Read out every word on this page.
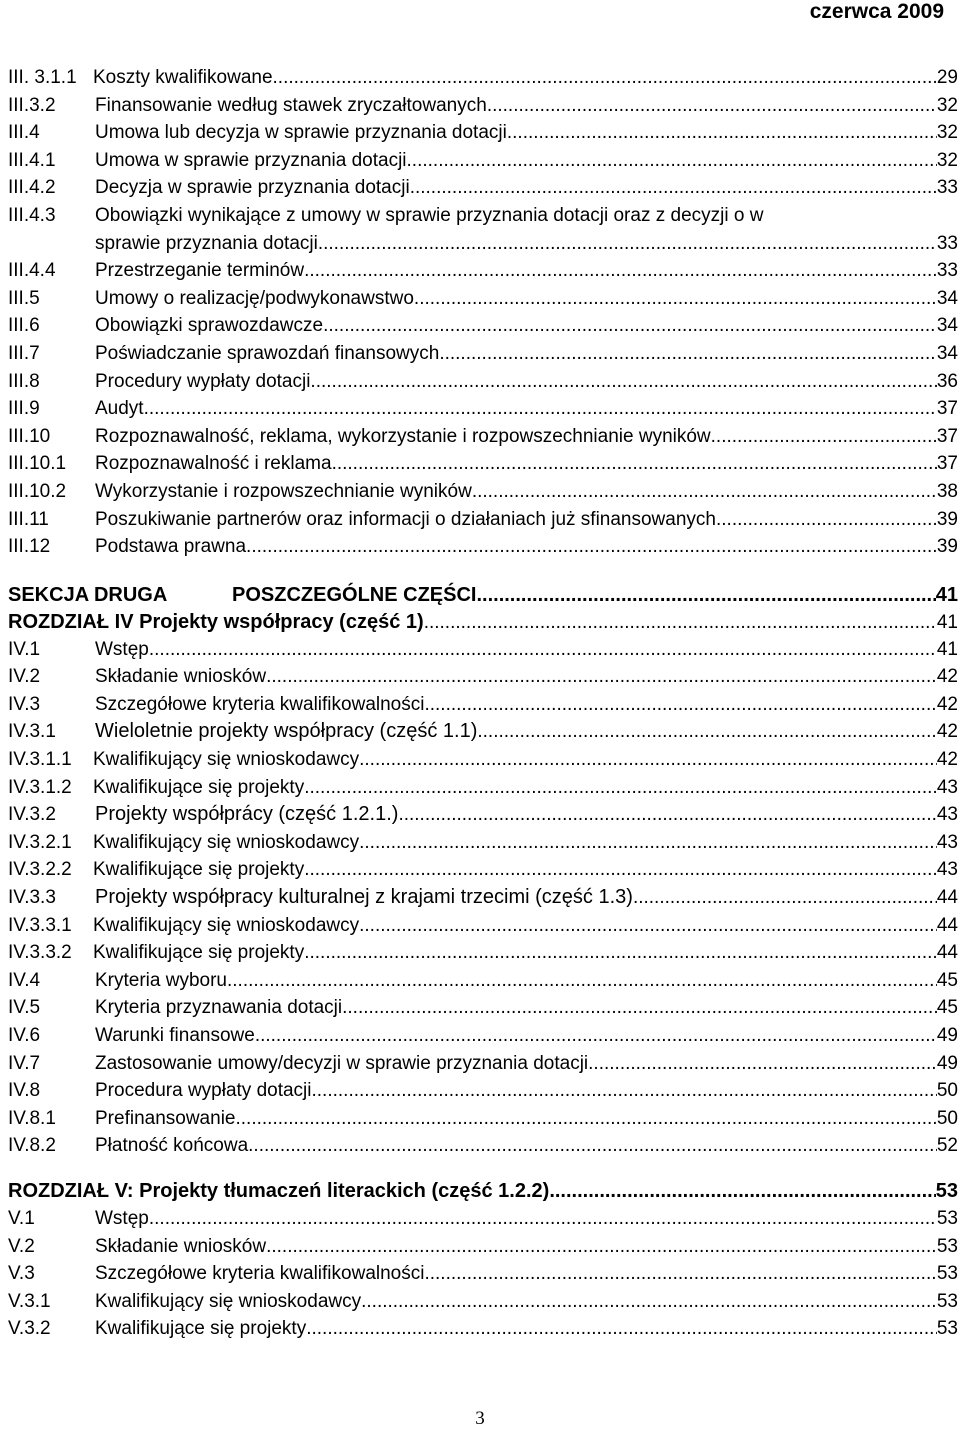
czerwca 2009
III. 3.1.1 Koszty kwalifikowane .....	29
III.3.2	Finansowanie według stawek zryczałtowanych .....	32
III.4	Umowa lub decyzja w sprawie przyznania dotacji. .....	32
III.4.1	Umowa w sprawie przyznania dotacji .....	32
III.4.2	Decyzja w sprawie przyznania dotacji .....	33
III.4.3	Obowiązki wynikające z umowy w sprawie przyznania dotacji oraz z decyzji o w
sprawie przyznania dotacji .....	33
III.4.4	Przestrzeganie terminów .....	33
III.5	Umowy o realizację/podwykonawstwo .....	34
III.6	Obowiązki sprawozdawcze .....	34
III.7	Poświadczanie sprawozdań finansowych .....	34
III.8	Procedury wypłaty dotacji. .....	36
III.9	Audyt .....	37
III.10	Rozpoznawalność, reklama, wykorzystanie i rozpowszechnianie wyników .....	37
III.10.1	Rozpoznawalność i reklama .....	37
III.10.2	Wykorzystanie i rozpowszechnianie wyników .....	38
III.11	Poszukiwanie partnerów oraz informacji o działaniach już sfinansowanych .....	39
III.12	Podstawa prawna .....	39
SEKCJA DRUGA	POSZCZEGÓLNE CZĘŚCI .....	41
ROZDZIAŁ IV Projekty współpracy (część 1) .....	41
IV.1	Wstęp .....	41
IV.2	Składanie wniosków .....	42
IV.3	Szczegółowe kryteria kwalifikowalności .....	42
IV.3.1	Wieloletnie projekty współpracy (część 1.1) .....	42
IV.3.1.1	Kwalifikujący się wnioskodawcy .....	42
IV.3.1.2	Kwalifikujące się projekty .....	43
IV.3.2	Projekty współprácy (część 1.2.1.) .....	43
IV.3.2.1	Kwalifikujący się wnioskodawcy .....	43
IV.3.2.2	Kwalifikujące się projekty .....	43
IV.3.3	Projekty współpracy kulturalnej z krajami trzecimi (część 1.3) .....	44
IV.3.3.1	Kwalifikujący się wnioskodawcy .....	44
IV.3.3.2	Kwalifikujące się projekty .....	44
IV.4	Kryteria wyboru .....	45
IV.5	Kryteria przyznawania dotacji. .....	45
IV.6	Warunki finansowe .....	49
IV.7	Zastosowanie umowy/decyzji w sprawie przyznania dotacji .....	49
IV.8	Procedura wypłaty dotacji .....	50
IV.8.1	Prefinansowanie. .....	50
IV.8.2	Płatność końcowa .....	52
ROZDZIAŁ V: Projekty tłumaczeń literackich (część 1.2.2) .....	53
V.1	Wstęp .....	53
V.2	Składanie wniosków .....	53
V.3	Szczegółowe kryteria kwalifikowalności .....	53
V.3.1	Kwalifikujący się wnioskodawcy .....	53
V.3.2	Kwalifikujące się projekty .....	53
3
